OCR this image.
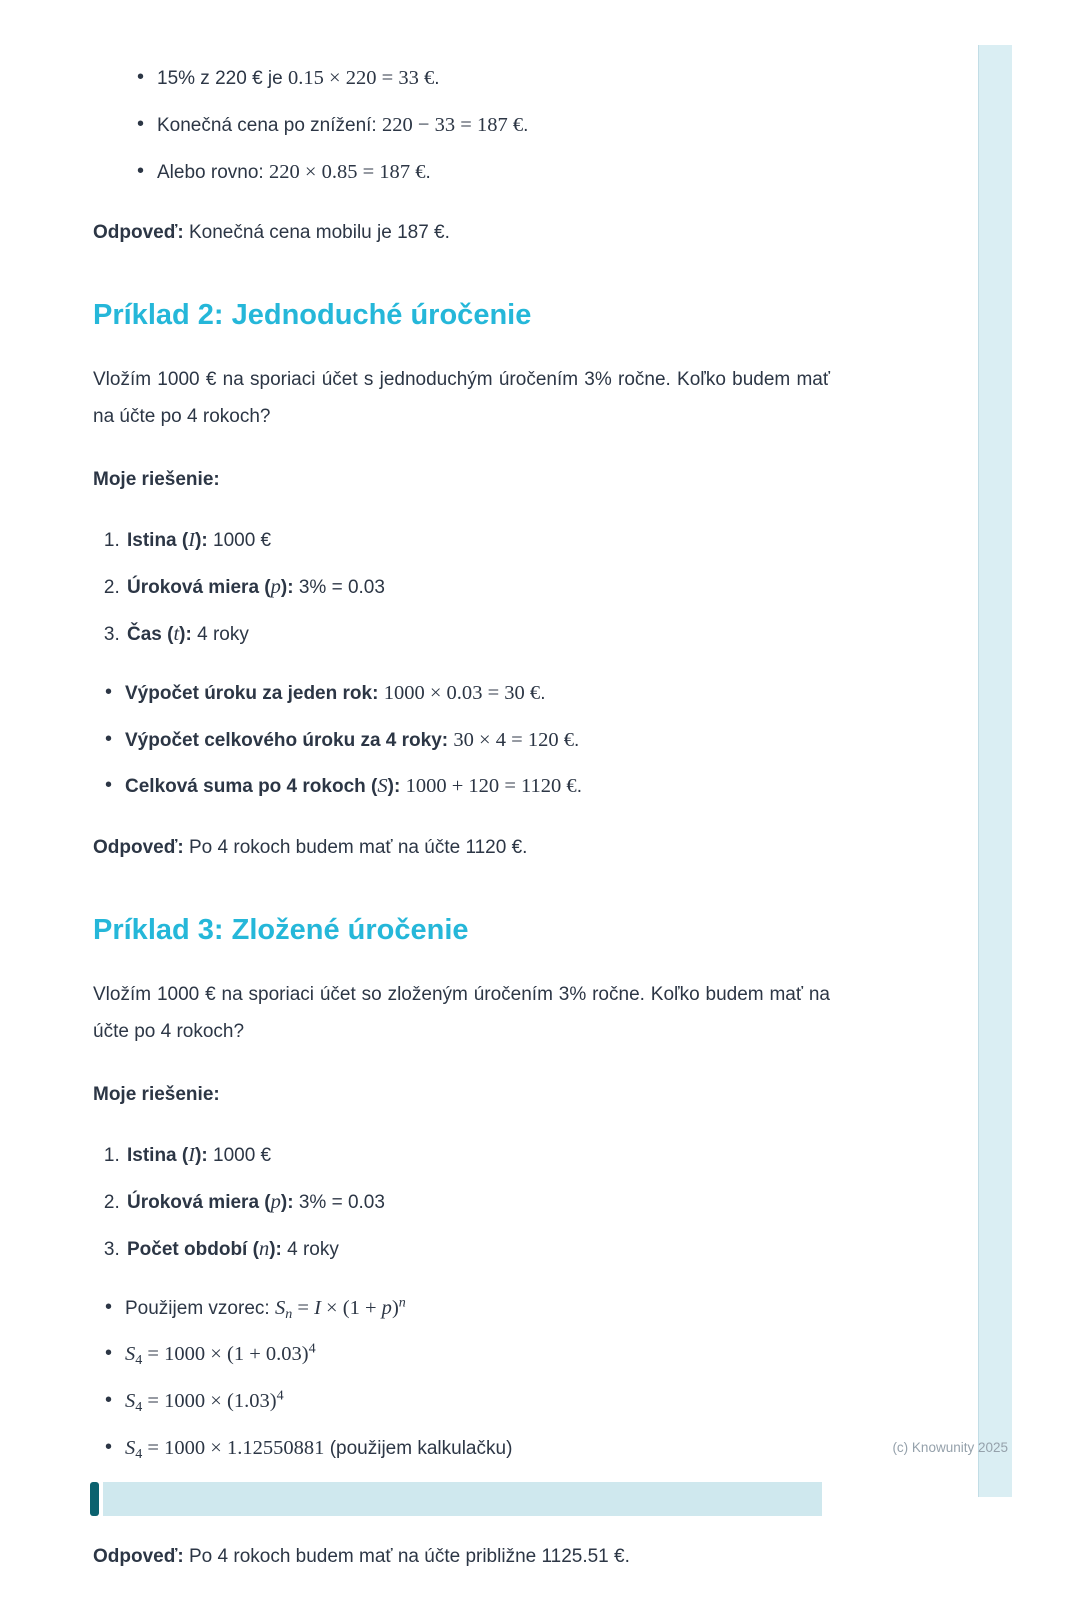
• 15% z 220 € je 0.15 × 220 = 33 €.
• Konečná cena po znížení: 220 − 33 = 187 €.
• Alebo rovno: 220 × 0.85 = 187 €.

Odpoveď: Konečná cena mobilu je 187 €.

Príklad 2: Jednoduché úročenie

Vložím 1000 € na sporiaci účet s jednoduchým úročením 3% ročne. Koľko budem mať na účte po 4 rokoch?

Moje riešenie:

1. Istina (I): 1000 €
2. Úroková miera (p): 3% = 0.03
3. Čas (t): 4 roky
• Výpočet úroku za jeden rok: 1000 × 0.03 = 30 €.
• Výpočet celkového úroku za 4 roky: 30 × 4 = 120 €.
• Celková suma po 4 rokoch (S): 1000 + 120 = 1120 €.

Odpoveď: Po 4 rokoch budem mať na účte 1120 €.

Príklad 3: Zložené úročenie

Vložím 1000 € na sporiaci účet so zloženým úročením 3% ročne. Koľko budem mať na účte po 4 rokoch?

Moje riešenie:

1. Istina (I): 1000 €
2. Úroková miera (p): 3% = 0.03
3. Počet období (n): 4 roky
• Použijem vzorec: $S_n = I \times (1 + p)^n$
• $S_4 = 1000 \times (1 + 0.03)^4$
• $S_4 = 1000 \times (1.03)^4$
• $S_4 = 1000 \times 1.12550881$ (použijem kalkulačku)
•

Odpoveď: Po 4 rokoch budem mať na účte približne 1125.51 €.

(c) Knowunity 2025
